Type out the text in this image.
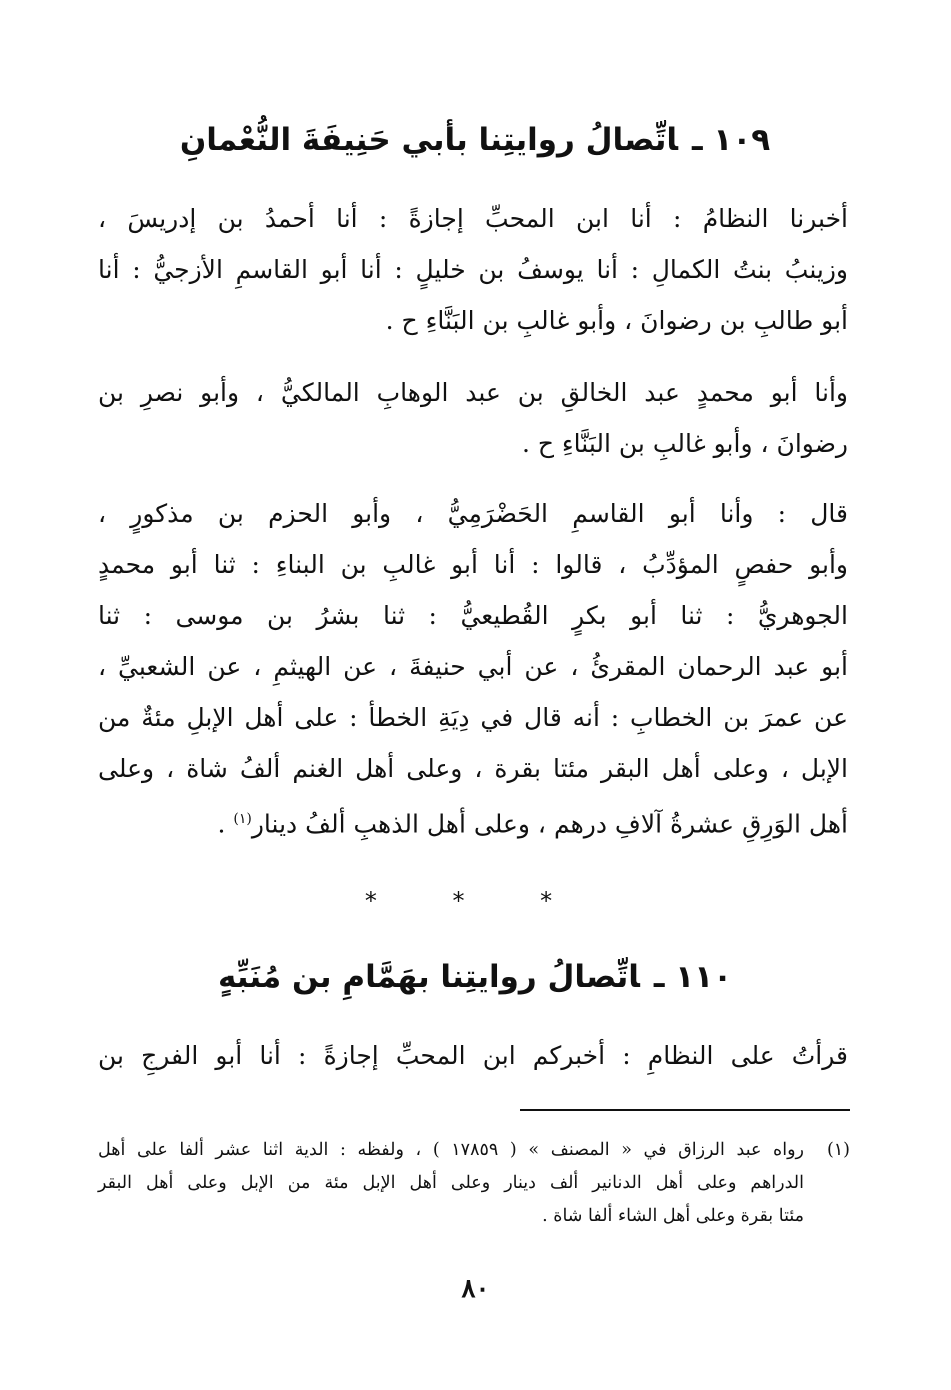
١٠٩ ـاتِّصالُ روايتِنا بأبي حَنِيفَةَ النُّعْمانِ
أخبرنا النظامُ : أنا ابن المحبِّ إجازةً : أنا أحمدُ بن إدريسَ ،
وزينبُ بنتُ الكمالِ : أنا يوسفُ بن خليلٍ : أنا أبو القاسمِ الأزجيُّ : أنا
أبو طالبِ بن رضوانَ ، وأبو غالبِ بن البَنَّاءِ ح .
وأنا أبو محمدٍ عبد الخالقِ بن عبد الوهابِ المالكيُّ ، وأبو نصرِ بن
رضوانَ ، وأبو غالبِ بن البَنَّاءِ ح .
قال : وأنا أبو القاسمِ الحَضْرَمِيُّ ، وأبو الحزم بن مذكورٍ ،
وأبو حفصٍ المؤدِّبُ ، قالوا : أنا أبو غالبِ بن البناءِ : ثنا أبو محمدٍ
الجوهريُّ : ثنا أبو بكرٍ القُطيعيُّ : ثنا بشرُ بن موسى : ثنا
أبو عبد الرحمان المقرئُ ، عن أبي حنيفةَ ، عن الهيثمِ ، عن الشعبيِّ ،
عن عمرَ بن الخطابِ : أنه قال في دِيَةِ الخطأ : على أهل الإبلِ مئةٌ من
الإبل ، وعلى أهل البقر مئتا بقرة ، وعلى أهل الغنم ألفُ شاة ، وعلى
أهل الوَرِقِ عشرةُ آلافِ درهم ، وعلى أهل الذهبِ ألفُ دينار$^{(١)}$ .
* * *
١١٠ ـاتِّصالُ روايتِنا بهَمَّامِ بن مُنَبِّهٍ
قرأتُ على النظامِ : أخبركم ابن المحبِّ إجازةً : أنا أبو الفرجِ بن
(١)
رواه عبد الرزاق في « المصنف » ( ١٧٨٥٩ ) ، ولفظه : الدية اثنا عشر ألفا على أهل
الدراهم وعلى أهل الدنانير ألف دينار وعلى أهل الإبل مئة من الإبل وعلى أهل البقر
مئتا بقرة وعلى أهل الشاء ألفا شاة .
٨٠
